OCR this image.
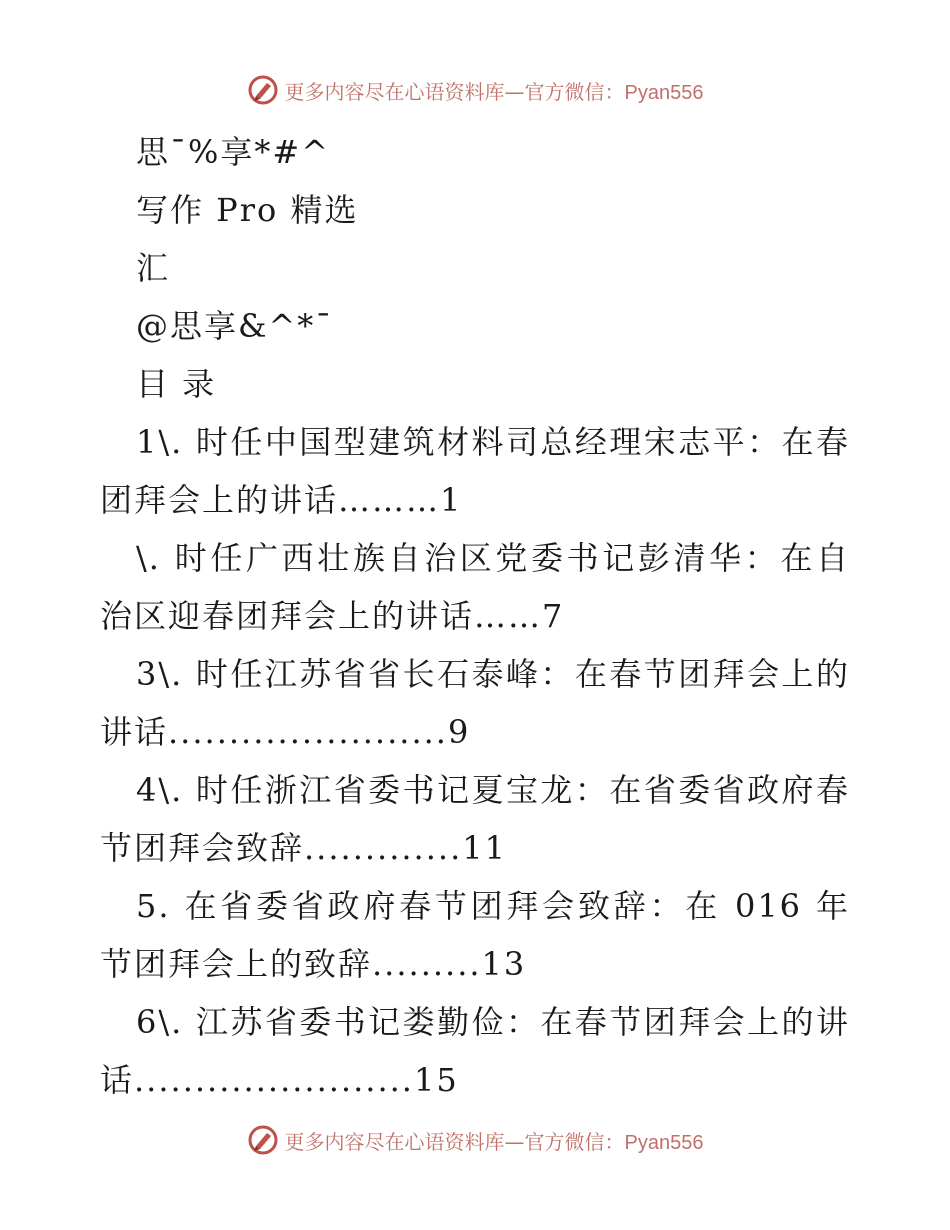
更多内容尽在心语资料库—官方微信：Pyan556
思¯%享*#^
写作 Pro 精选
汇
@思享&^*¯
目 录
1\. 时任中国型建筑材料司总经理宋志平：在春
团拜会上的讲话………1
\. 时任广西壮族自治区党委书记彭清华：在自
治区迎春团拜会上的讲话……7
3\. 时任江苏省省长石泰峰：在春节团拜会上的
讲话.......................9
4\. 时任浙江省委书记夏宝龙：在省委省政府春
节团拜会致辞.............11
5. 在省委省政府春节团拜会致辞：在 016 年
节团拜会上的致辞.........13
6\. 江苏省委书记娄勤俭：在春节团拜会上的讲
话.......................15
更多内容尽在心语资料库—官方微信：Pyan556
